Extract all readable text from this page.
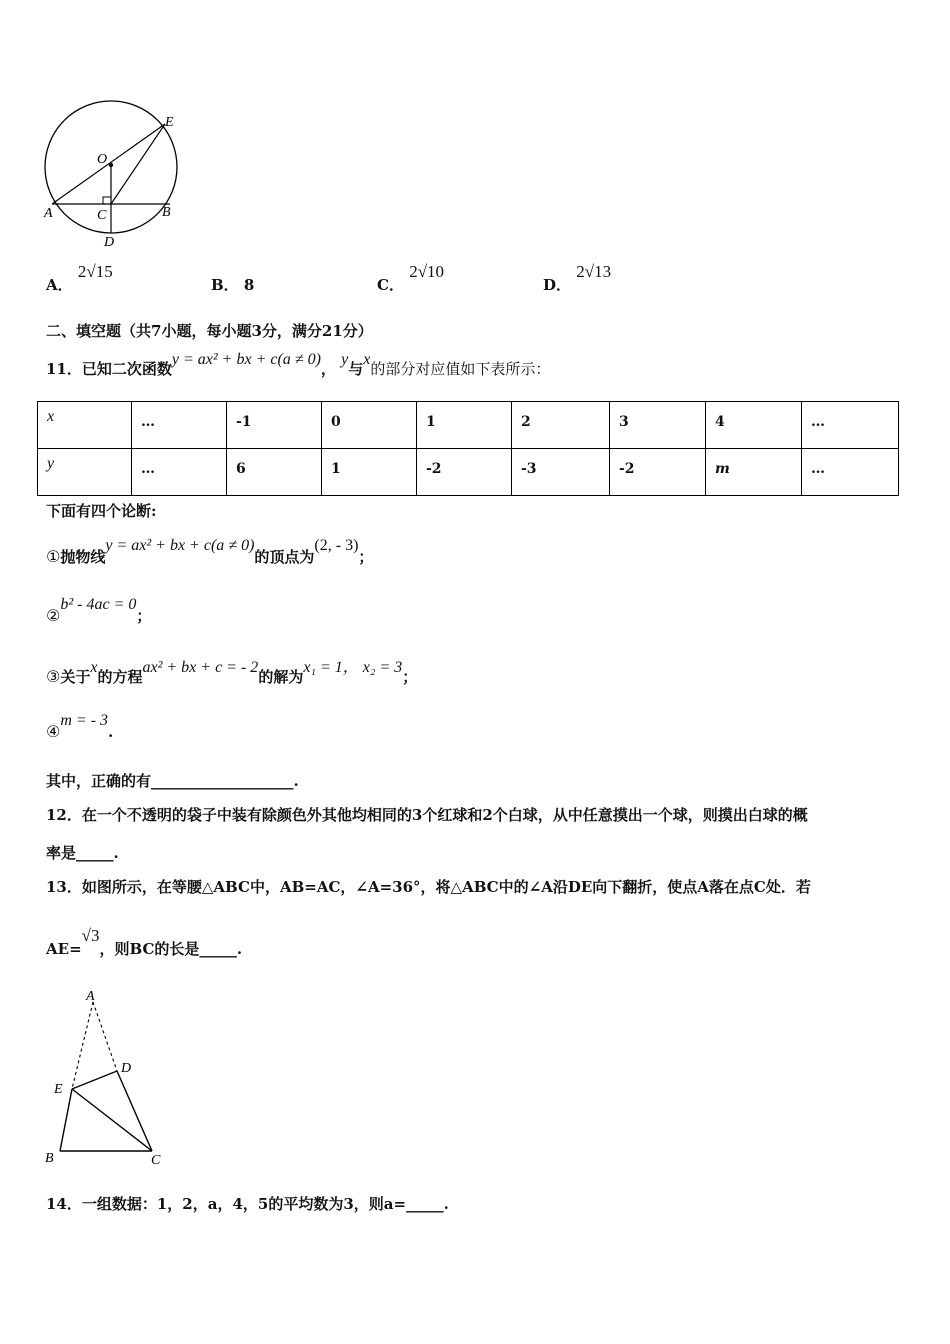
O
E
A	C	B
D
A． 2√15
B． 8	C． 2√10
D． 2√13
二、填空题（共7小题，每小题3分，满分21分）
11．已知二次函数y = ax² + bx + c(a ≠ 0)， y与x的部分对应值如下表所示：
x	…	-1	0	1	2	3	4	…

y	…	6	1	-2	-3	-2	m	…
下面有四个论断:
①抛物线y = ax² + bx + c(a ≠ 0)的顶点为(2, - 3)；
②b² - 4ac = 0；
③关于x的方程ax² + bx + c = - 2的解为x₁ = 1， x₂ = 3；
④m = - 3.
其中，正确的有___________________.
12．在一个不透明的袋子中装有除颜色外其他均相同的3个红球和2个白球，从中任意摸出一个球，则摸出白球的概
率是_____.
13．如图所示，在等腰△ABC中，AB=AC，∠A=36°，将△ABC中的∠A沿DE向下翻折，使点A落在点C处．若
AE=√3，则BC的长是_____.
A
D
E
B	C
14．一组数据：1，2，a，4，5的平均数为3，则a=_____.
